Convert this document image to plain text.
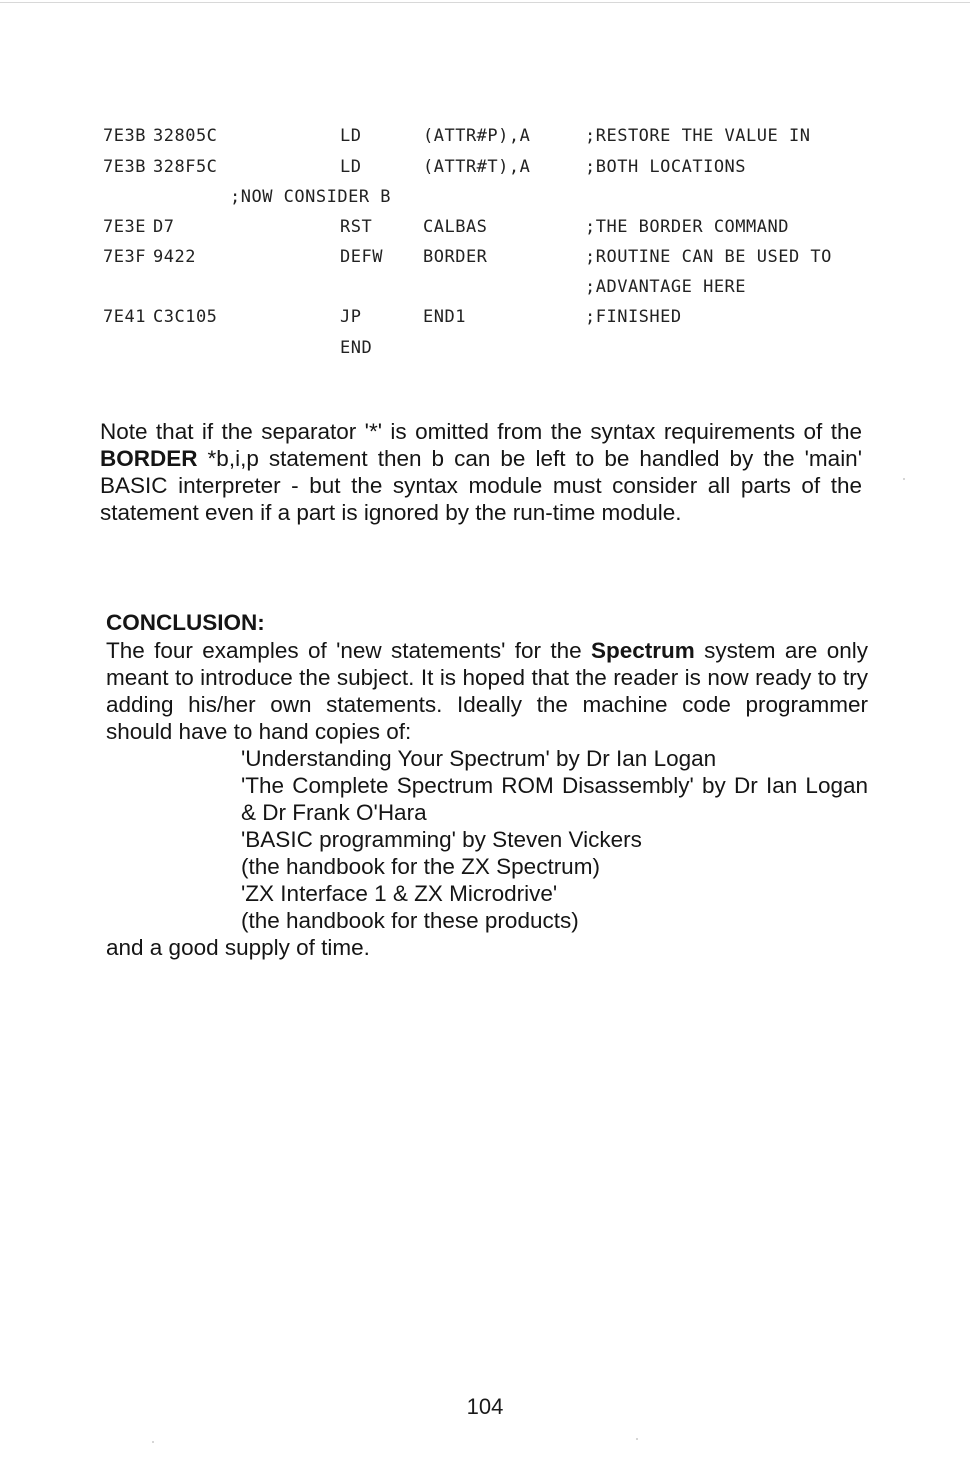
7E3B 32805C	LD	(ATTR#P),A	;RESTORE THE VALUE IN
7E3B 328F5C	LD	(ATTR#T),A	;BOTH LOCATIONS
;NOW CONSIDER B
7E3E D7	RST	CALBAS	;THE BORDER COMMAND
7E3F 9422	DEFW BORDER	;ROUTINE CAN BE USED TO
;ADVANTAGE HERE
7E41 C3C105	JP	END1	;FINISHED
END

Note that if the separator '*' is omitted from the syntax requirements of the BORDER *b,i,p statement then b can be left to be handled by the 'main' BASIC interpreter - but the syntax module must consider all parts of the statement even if a part is ignored by the run-time module.

CONCLUSION:

The four examples of 'new statements' for the Spectrum system are only meant to introduce the subject. It is hoped that the reader is now ready to try adding his/her own statements. Ideally the machine code programmer should have to hand copies of:

'Understanding Your Spectrum' by Dr Ian Logan
'The Complete Spectrum ROM Disassembly' by Dr Ian Logan & Dr Frank O'Hara
'BASIC programming' by Steven Vickers
(the handbook for the ZX Spectrum)
'ZX Interface 1 & ZX Microdrive'
(the handbook for these products)
and a good supply of time.
104
